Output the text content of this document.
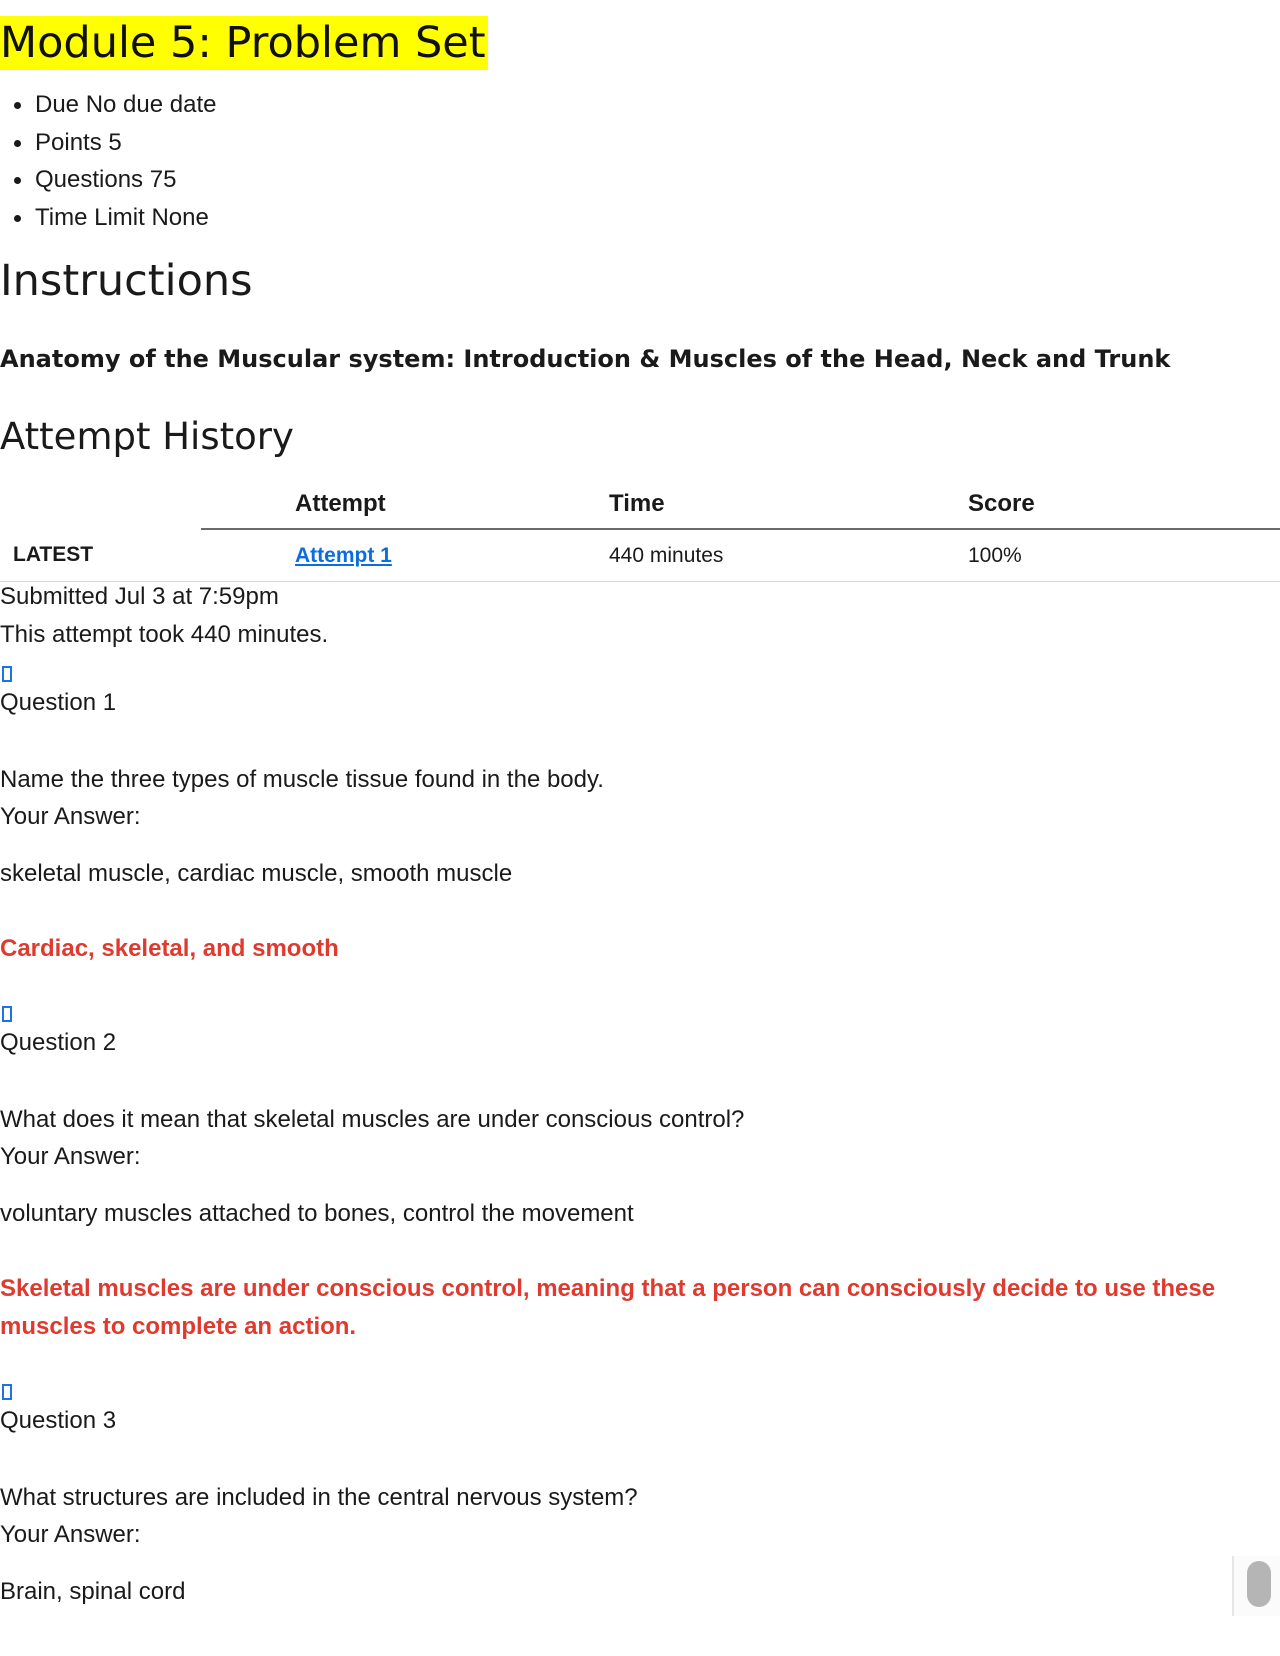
Module 5: Problem Set
Due No due date
Points 5
Questions 75
Time Limit None
Instructions

Anatomy of the Muscular system: Introduction & Muscles of the Head, Neck and Trunk

Attempt History
	Attempt	Time	Score
LATEST	Attempt 1	440 minutes	100%
Submitted Jul 3 at 7:59pm
This attempt took 440 minutes.
Question 1
Name the three types of muscle tissue found in the body.
Your Answer:
skeletal muscle, cardiac muscle, smooth muscle
Cardiac, skeletal, and smooth
Question 2
What does it mean that skeletal muscles are under conscious control?
Your Answer:
voluntary muscles attached to bones, control the movement
Skeletal muscles are under conscious control, meaning that a person can consciously decide to use these muscles to complete an action.
Question 3
What structures are included in the central nervous system?
Your Answer:
Brain, spinal cord
